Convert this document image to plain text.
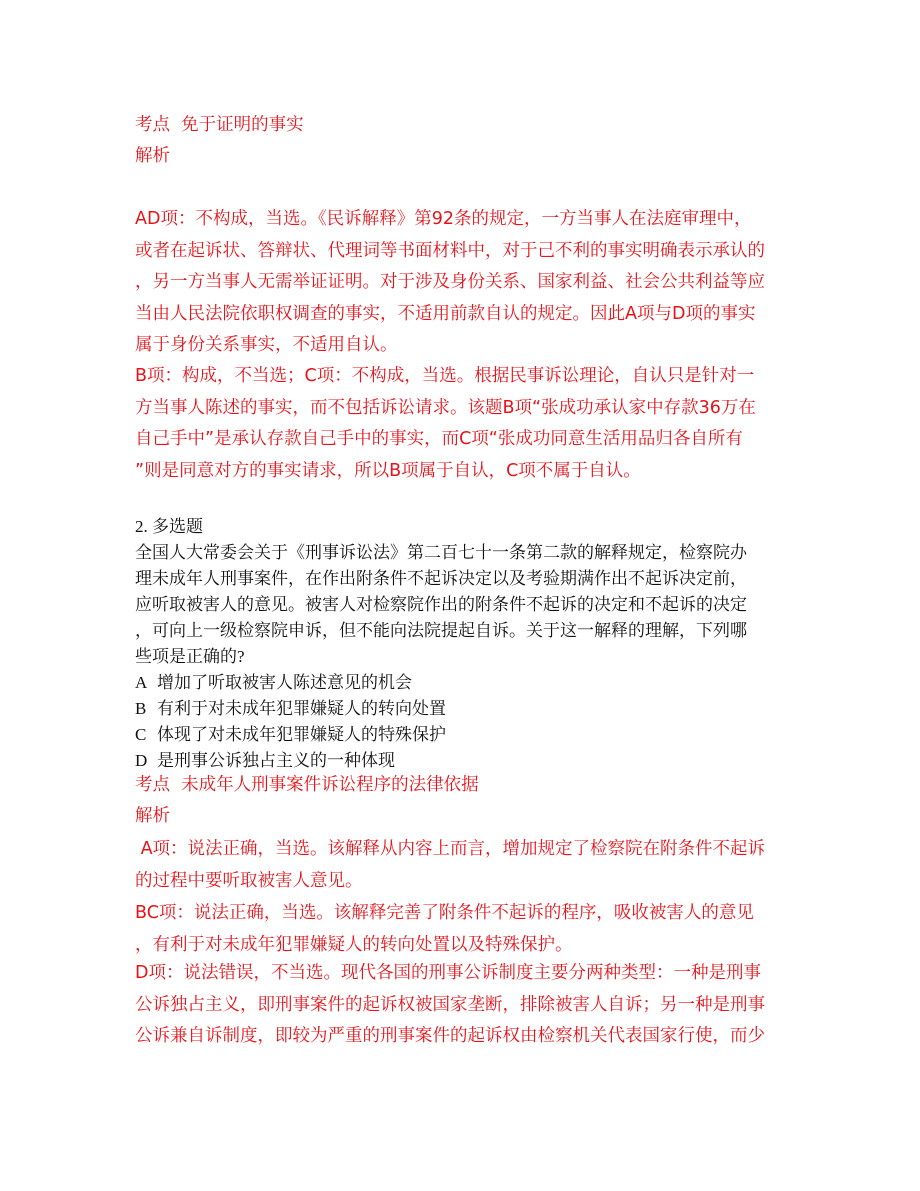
考点 免于证明的事实

解析

AD项：不构成，当选。《民诉解释》第92条的规定，一方当事人在法庭审理中，
或者在起诉状、答辩状、代理词等书面材料中，对于己不利的事实明确表示承认的
，另一方当事人无需举证证明。对于涉及身份关系、国家利益、社会公共利益等应
当由人民法院依职权调查的事实，不适用前款自认的规定。因此A项与D项的事实
属于身份关系事实，不适用自认。

B项：构成，不当选；C项：不构成，当选。根据民事诉讼理论，自认只是针对一
方当事人陈述的事实，而不包括诉讼请求。该题B项“张成功承认家中存款36万在
自己手中”是承认存款自己手中的事实，而C项“张成功同意生活用品归各自所有
”则是同意对方的事实请求，所以B项属于自认，C项不属于自认。

2. 多选题
全国人大常委会关于《刑事诉讼法》第二百七十一条第二款的解释规定，检察院办
理未成年人刑事案件，在作出附条件不起诉决定以及考验期满作出不起诉决定前，
应听取被害人的意见。被害人对检察院作出的附条件不起诉的决定和不起诉的决定
，可向上一级检察院申诉，但不能向法院提起自诉。关于这一解释的理解，下列哪
些项是正确的?
A 增加了听取被害人陈述意见的机会
B 有利于对未成年犯罪嫌疑人的转向处置
C 体现了对未成年犯罪嫌疑人的特殊保护
D 是刑事公诉独占主义的一种体现

考点 未成年人刑事案件诉讼程序的法律依据

解析

A项：说法正确，当选。该解释从内容上而言，增加规定了检察院在附条件不起诉
的过程中要听取被害人意见。

BC项：说法正确，当选。该解释完善了附条件不起诉的程序，吸收被害人的意见
，有利于对未成年犯罪嫌疑人的转向处置以及特殊保护。

D项：说法错误，不当选。现代各国的刑事公诉制度主要分两种类型：一种是刑事
公诉独占主义，即刑事案件的起诉权被国家垄断，排除被害人自诉；另一种是刑事
公诉兼自诉制度，即较为严重的刑事案件的起诉权由检察机关代表国家行使，而少
